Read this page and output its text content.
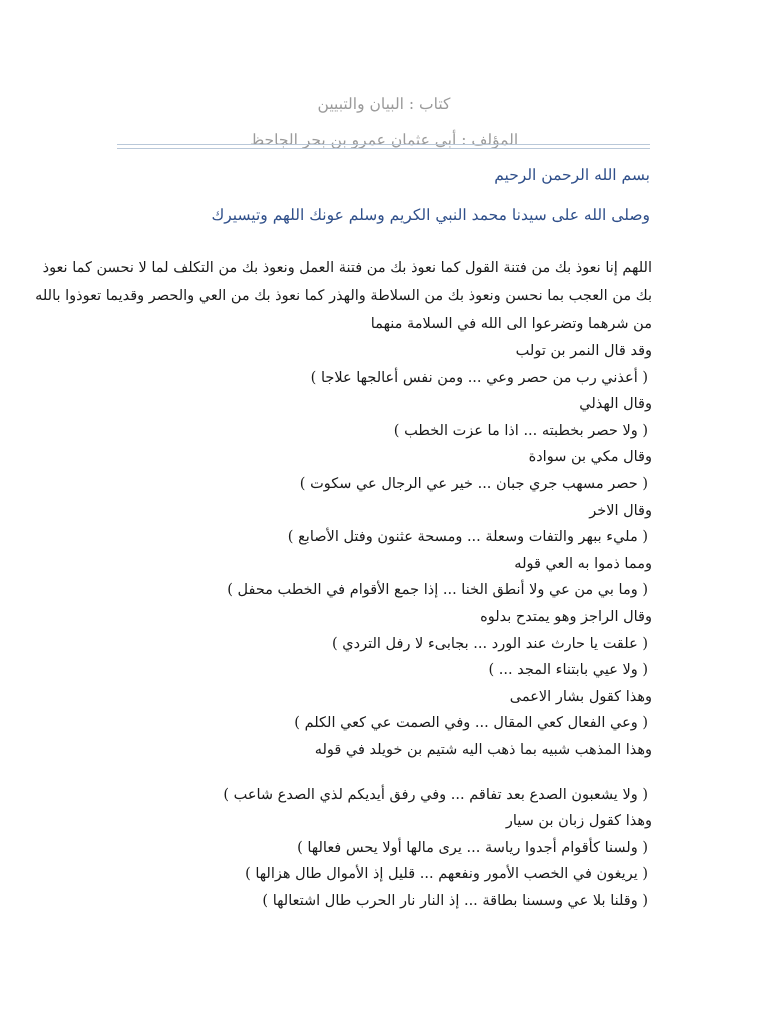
كتاب : البيان والتبيين
المؤلف : أبي عثمان عمرو بن بحر الجاحظ
بسم الله الرحمن الرحيم
وصلى الله على سيدنا محمد النبي الكريم وسلم عونك اللهم وتيسيرك
اللهم إنا نعوذ بك من فتنة القول كما نعوذ بك من فتنة العمل ونعوذ بك من التكلف لما لا نحسن كما نعوذ
بك من العجب بما نحسن ونعوذ بك من السلاطة والهذر كما نعوذ بك من العي والحصر وقديما تعوذوا بالله
من شرهما وتضرعوا الى الله في السلامة منهما
وقد قال النمر بن تولب
( أعذني رب من حصر وعي ... ومن نفس أعالجها علاجا )
وقال الهذلي
( ولا حصر بخطبته ... اذا ما عزت الخطب )
وقال مكي بن سوادة
( حصر مسهب جري جبان ... خير عي الرجال عي سكوت )
وقال الاخر
( مليء ببهر والتفات وسعلة ... ومسحة عثنون وفتل الأصابع )
ومما ذموا به العي قوله
( وما بي من عي ولا أنطق الخنا ... إذا جمع الأقوام في الخطب محفل )
وقال الراجز وهو يمتدح بدلوه
( علقت يا حارث عند الورد ... بجابىء لا رفل التردي )
( ولا عيي بابتناء المجد ... )
وهذا كقول بشار الاعمى
( وعي الفعال كعي المقال ... وفي الصمت عي كعي الكلم )
وهذا المذهب شبيه بما ذهب اليه شتيم بن خويلد في قوله
( ولا يشعبون الصدع بعد تفاقم ... وفي رفق أيديكم لذي الصدع شاعب )
وهذا كقول زبان بن سيار
( ولسنا كأقوام أجدوا رياسة ... يرى مالها أولا يحس فعالها )
( يريغون في الخصب الأمور ونفعهم ... قليل إذ الأموال طال هزالها )
( وقلنا بلا عي وسسنا بطاقة ... إذ النار نار الحرب طال اشتعالها )
